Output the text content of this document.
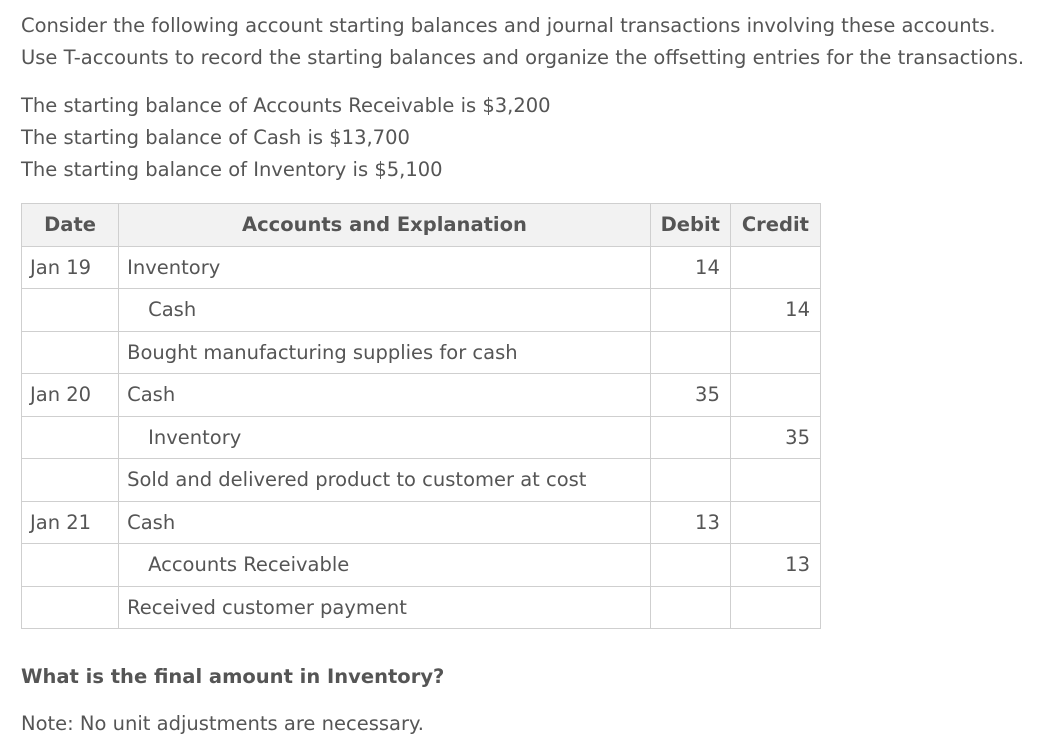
Consider the following account starting balances and journal transactions involving these accounts.
Use T-accounts to record the starting balances and organize the offsetting entries for the transactions.
The starting balance of Accounts Receivable is $3,200
The starting balance of Cash is $13,700
The starting balance of Inventory is $5,100
Date	Accounts and Explanation	Debit	Credit
Jan 19	Inventory	14	
	Cash		14
	Bought manufacturing supplies for cash		
Jan 20	Cash	35	
	Inventory		35
	Sold and delivered product to customer at cost		
Jan 21	Cash	13	
	Accounts Receivable		13
	Received customer payment		
What is the final amount in Inventory?
Note: No unit adjustments are necessary.
